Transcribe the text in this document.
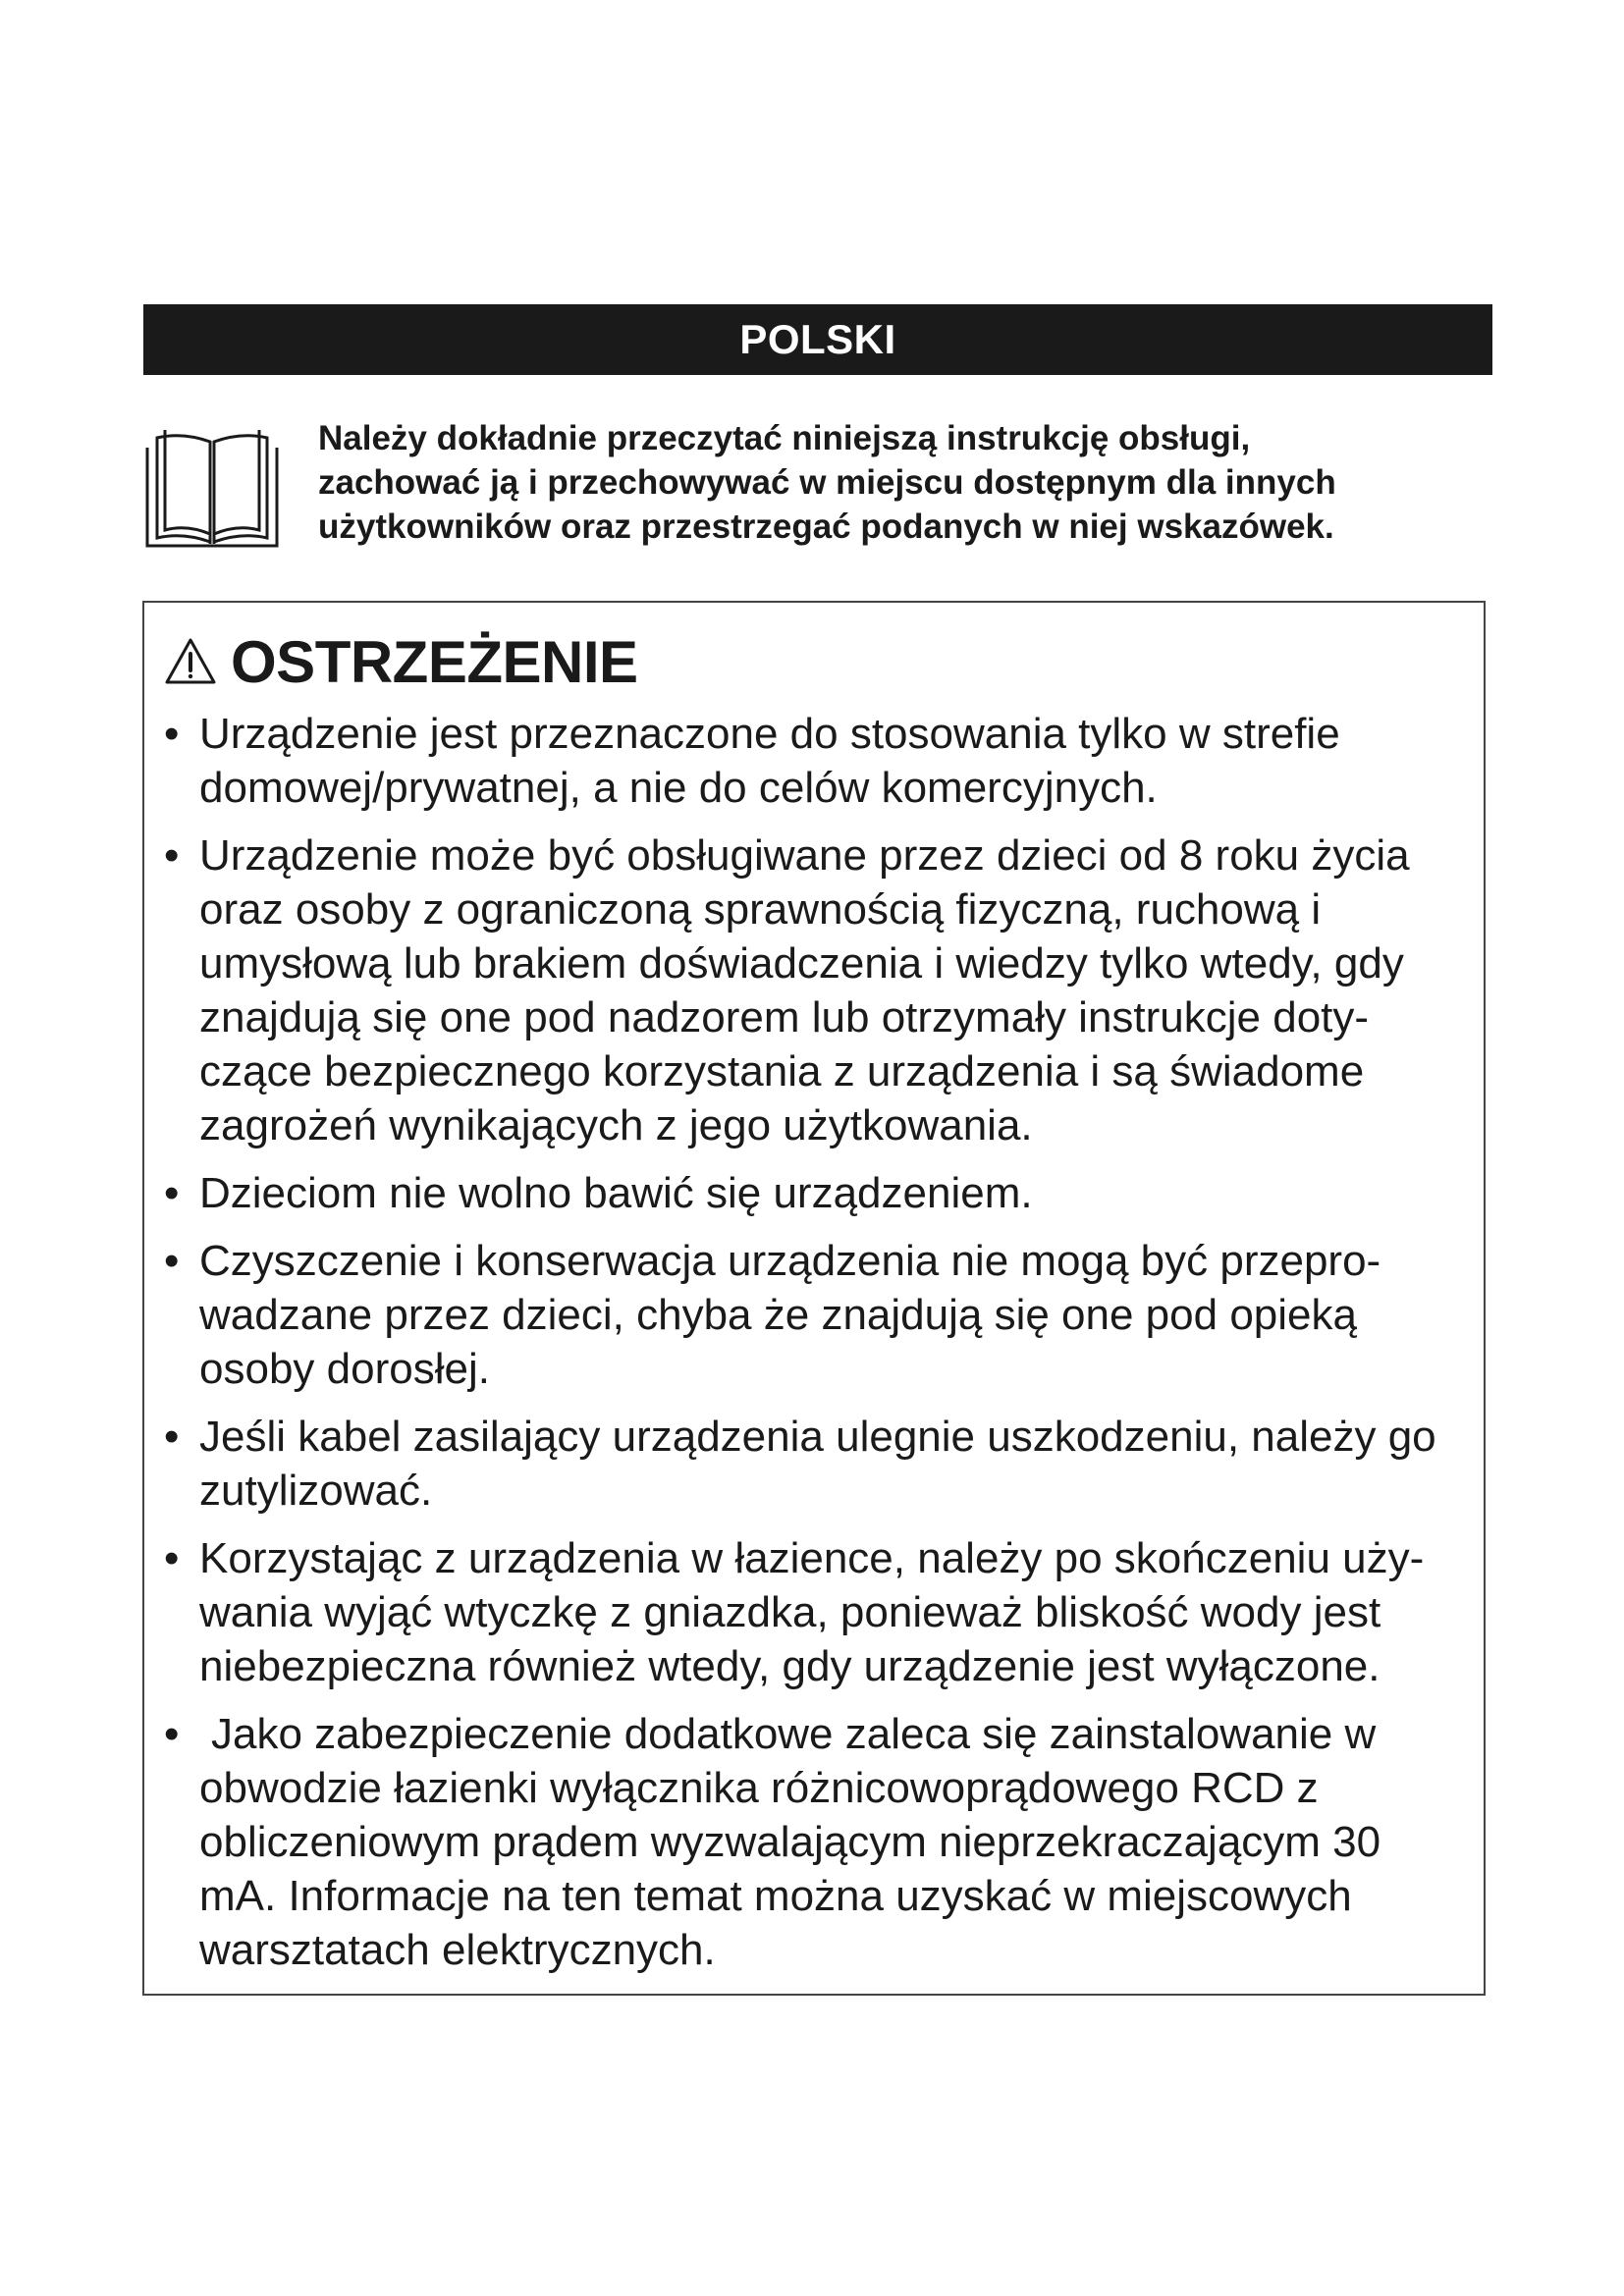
POLSKI

Należy dokładnie przeczytać niniejszą instrukcję obsługi,
zachować ją i przechowywać w miejscu dostępnym dla innych
użytkowników oraz przestrzegać podanych w niej wskazówek.

OSTRZEŻENIE
• Urządzenie jest przeznaczone do stosowania tylko w strefie
domowej/prywatnej, a nie do celów komercyjnych.
• Urządzenie może być obsługiwane przez dzieci od 8 roku życia
oraz osoby z ograniczoną sprawnością fizyczną, ruchową i
umysłową lub brakiem doświadczenia i wiedzy tylko wtedy, gdy
znajdują się one pod nadzorem lub otrzymały instrukcje doty-
czące bezpiecznego korzystania z urządzenia i są świadome
zagrożeń wynikających z jego użytkowania.
• Dzieciom nie wolno bawić się urządzeniem.
• Czyszczenie i konserwacja urządzenia nie mogą być przepro-
wadzane przez dzieci, chyba że znajdują się one pod opieką
osoby dorosłej.
• Jeśli kabel zasilający urządzenia ulegnie uszkodzeniu, należy go
zutylizować.
• Korzystając z urządzenia w łazience, należy po skończeniu uży-
wania wyjąć wtyczkę z gniazdka, ponieważ bliskość wody jest
niebezpieczna również wtedy, gdy urządzenie jest wyłączone.
• Jako zabezpieczenie dodatkowe zaleca się zainstalowanie w
obwodzie łazienki wyłącznika różnicowoprądowego RCD z
obliczeniowym prądem wyzwalającym nieprzekraczającym 30
mA. Informacje na ten temat można uzyskać w miejscowych
warsztatach elektrycznych.
